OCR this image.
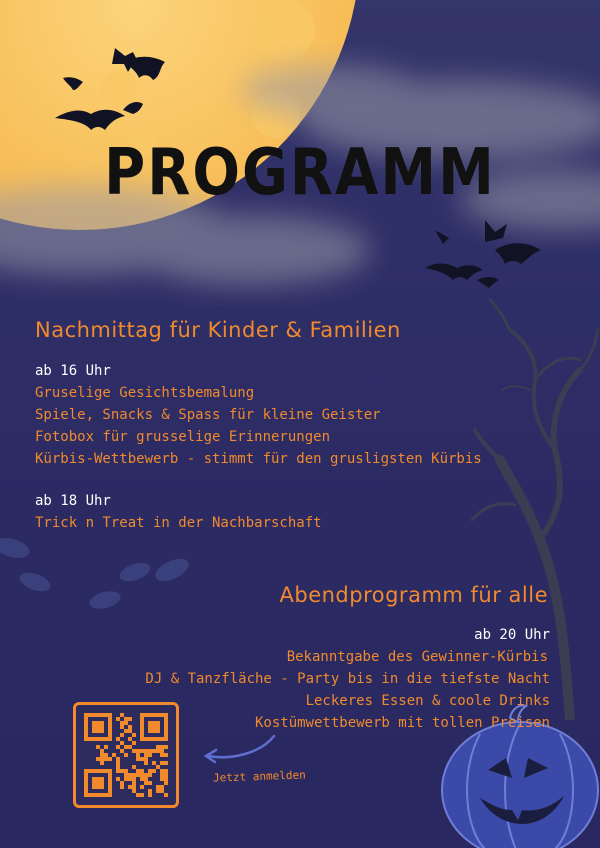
PROGRAMM
Nachmittag für Kinder & Familien
ab 16 Uhr
Gruselige Gesichtsbemalung
Spiele, Snacks & Spass für kleine Geister
Fotobox für grusselige Erinnerungen
Kürbis-Wettbewerb - stimmt für den grusligsten Kürbis
ab 18 Uhr
Trick n Treat in der Nachbarschaft
Abendprogramm für alle
ab 20 Uhr
Bekanntgabe des Gewinner-Kürbis
DJ & Tanzfläche - Party bis in die tiefste Nacht
Leckeres Essen & coole Drinks
Kostümwettbewerb mit tollen Preisen
Jetzt anmelden
